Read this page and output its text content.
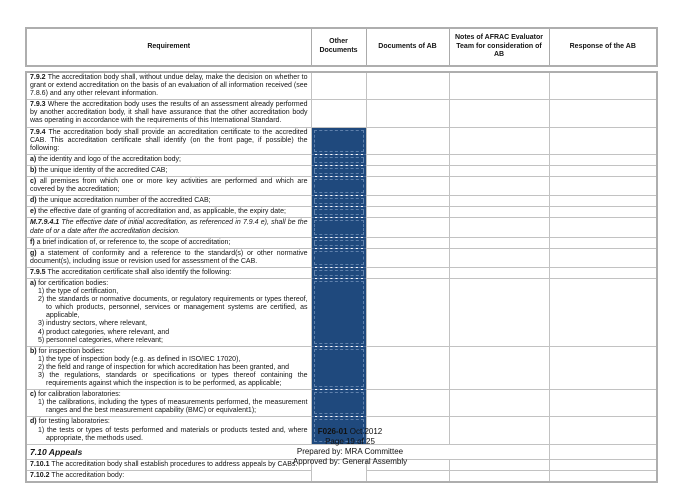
Requirement	Other Documents	Documents of AB	Notes of AFRAC Evaluator Team for consideration of AB	Response of the AB
7.9.2 The accreditation body shall, without undue delay, make the decision on whether to grant or extend accreditation on the basis of an evaluation of all information received (see 7.8.6) and any other relevant information.				

7.9.3 Where the accreditation body uses the results of an assessment already performed by another accreditation body, it shall have assurance that the other accreditation body was operating in accordance with the requirements of this International Standard.				

7.9.4 The accreditation body shall provide an accreditation certificate to the accredited CAB. This accreditation certificate shall identify (on the front page, if possible) the following:				

a) the identity and logo of the accreditation body;				

b) the unique identity of the accredited CAB;				

c) all premises from which one or more key activities are performed and which are covered by the accreditation;				

d) the unique accreditation number of the accredited CAB;				

e) the effective date of granting of accreditation and, as applicable, the expiry date;				

M.7.9.4.1 The effective date of initial accreditation, as referenced in 7.9.4 e), shall be the date of or a date after the accreditation decision.				

f) a brief indication of, or reference to, the scope of accreditation;				

g) a statement of conformity and a reference to the standard(s) or other normative document(s), including issue or revision used for assessment of the CAB.				

7.9.5 The accreditation certificate shall also identify the following:				

a) for certification bodies:
1) the type of certification,
2) the standards or normative documents, or regulatory requirements or types thereof, to which products, personnel, services or management systems are certified, as applicable,
3) industry sectors, where relevant,
4) product categories, where relevant, and
5) personnel categories, where relevant;

b) for inspection bodies:
1) the type of inspection body (e.g. as defined in ISO/IEC 17020),
2) the field and range of inspection for which accreditation has been granted, and
3) the regulations, standards or specifications or types thereof containing the requirements against which the inspection is to be performed, as applicable;				

c) for calibration laboratories:
1) the calibrations, including the types of measurements performed, the measurement ranges and the best measurement capability (BMC) or equivalent1);				

d) for testing laboratories:
1) the tests or types of tests performed and materials or products tested and, where appropriate, the methods used.				

7.10 Appeals				

7.10.1 The accreditation body shall establish procedures to address appeals by CABs.				

7.10.2 The accreditation body:				

F026-01 Oct 2012
Page 19 of 25
Prepared by: MRA Committee
Approved by: General Assembly
